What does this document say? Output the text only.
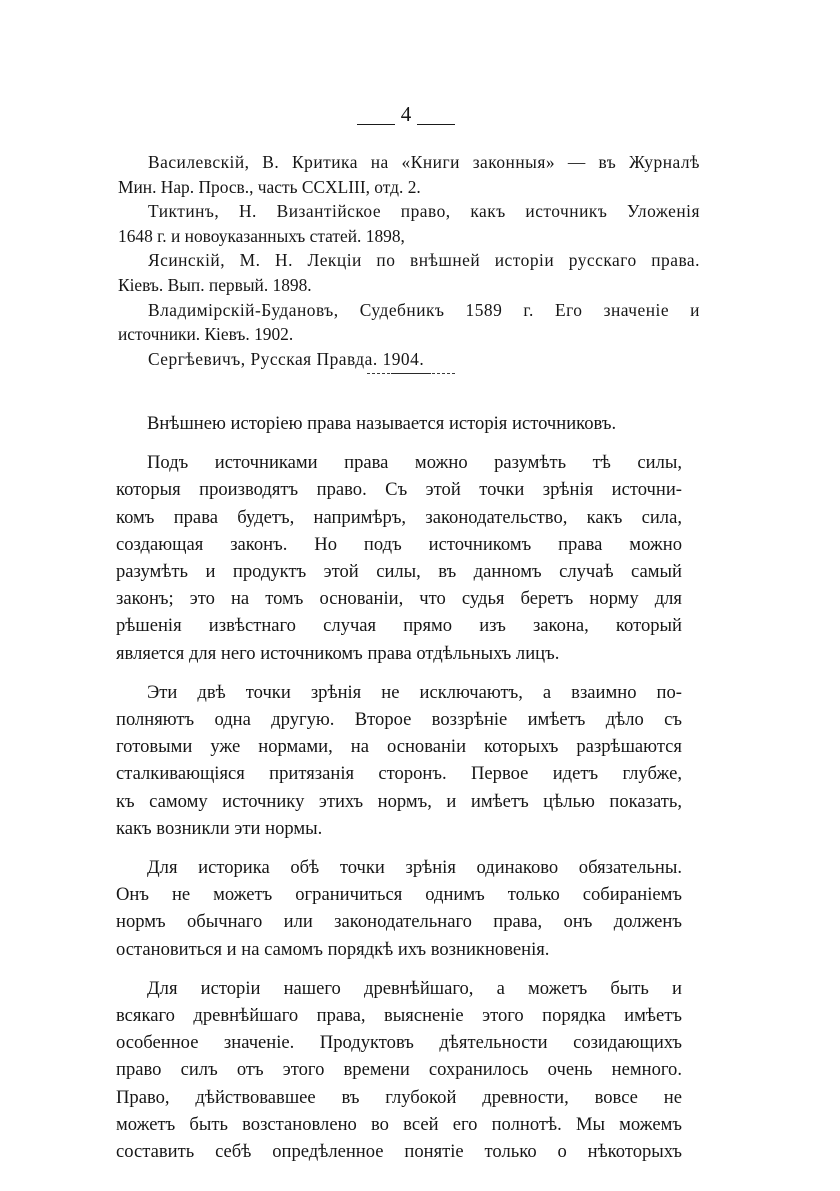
4
Василевскій, В. Критика на «Книги законныя» — въ Журналѣ
Мин. Нар. Просв., часть CCXLIII, отд. 2.
Тиктинъ, Н. Византійское право, какъ источникъ Уложенія
1648 г. и новоуказанныхъ статей. 1898,
Ясинскій, М. Н. Лекціи по внѣшней исторіи русскаго права.
Кіевъ. Вып. первый. 1898.
Владимірскій-Будановъ, Судебникъ 1589 г. Его значеніе и
источники. Кіевъ. 1902.
Сергѣевичъ, Русская Правда. 1904.
Внѣшнею исторіею права называется исторія источниковъ.
Подъ источниками права можно разумѣть тѣ силы,
которыя производятъ право. Съ этой точки зрѣнія источни-
комъ права будетъ, напримѣръ, законодательство, какъ сила,
создающая законъ. Но подъ источникомъ права можно
разумѣть и продуктъ этой силы, въ данномъ случаѣ самый
законъ; это на томъ основаніи, что судья беретъ норму для
рѣшенія извѣстнаго случая прямо изъ закона, который
является для него источникомъ права отдѣльныхъ лицъ.
Эти двѣ точки зрѣнія не исключаютъ, а взаимно по-
полняютъ одна другую. Второе воззрѣніе имѣетъ дѣло съ
готовыми уже нормами, на основаніи которыхъ разрѣшаются
сталкивающіяся притязанія сторонъ. Первое идетъ глубже,
къ самому источнику этихъ нормъ, и имѣетъ цѣлью показать,
какъ возникли эти нормы.
Для историка обѣ точки зрѣнія одинаково обязательны.
Онъ не можетъ ограничиться однимъ только собираніемъ
нормъ обычнаго или законодательнаго права, онъ долженъ
остановиться и на самомъ порядкѣ ихъ возникновенія.
Для исторіи нашего древнѣйшаго, а можетъ быть и
всякаго древнѣйшаго права, выясненіе этого порядка имѣетъ
особенное значеніе. Продуктовъ дѣятельности созидающихъ
право силъ отъ этого времени сохранилось очень немного.
Право, дѣйствовавшее въ глубокой древности, вовсе не
можетъ быть возстановлено во всей его полнотѣ. Мы можемъ
составить себѣ опредѣленное понятіе только о нѣкоторыхъ
